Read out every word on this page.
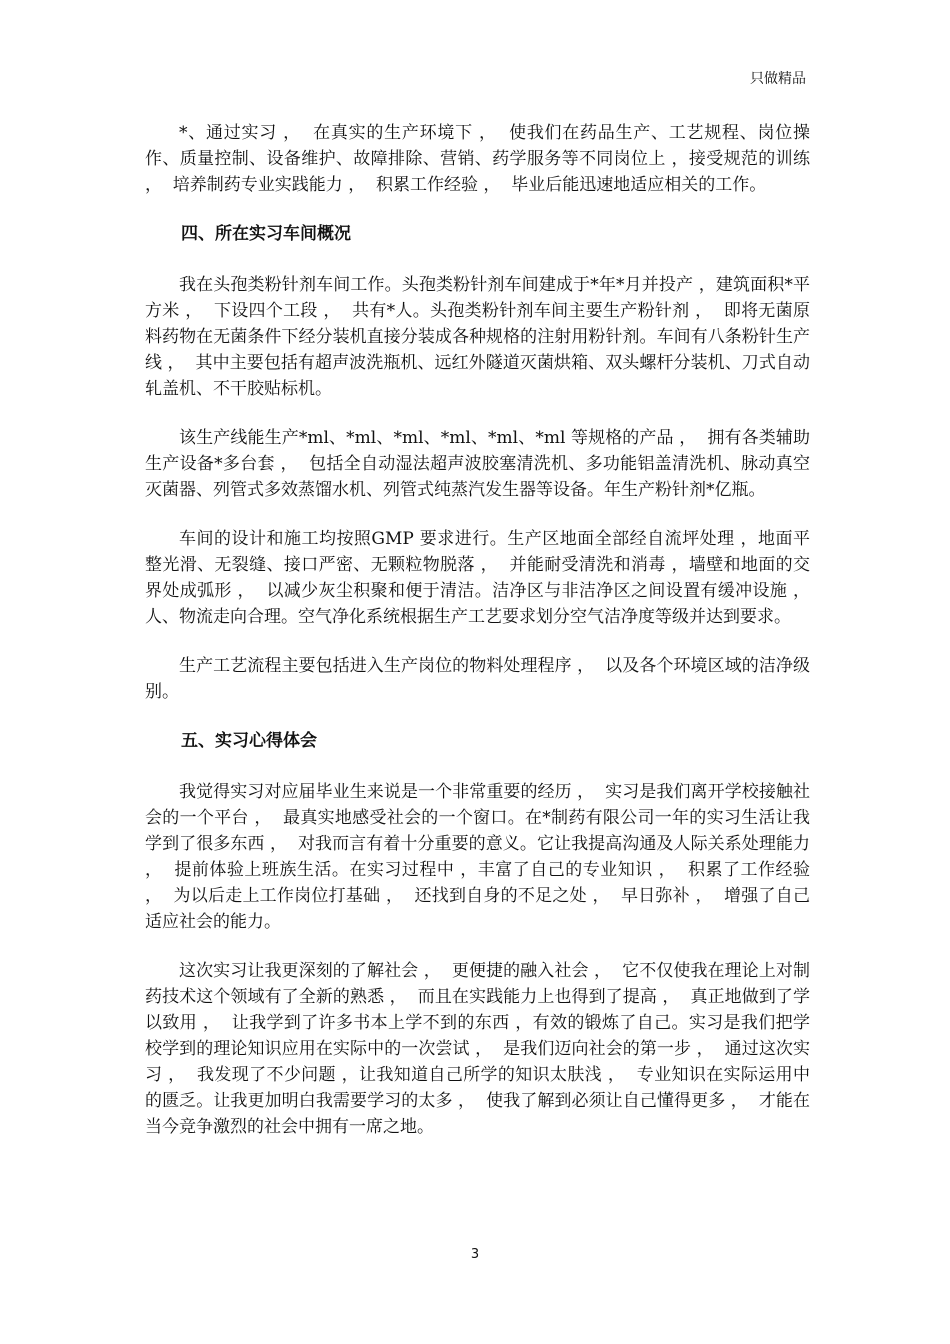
只做精品

*、通过实习 ，  在真实的生产环境下 ，  使我们在药品生产、工艺规程、岗位操作、质量控制、设备维护、故障排除、营销、药学服务等不同岗位上 ，接受规范的训练 ，  培养制药专业实践能力 ，  积累工作经验 ，  毕业后能迅速地适应相关的工作。

四、所在实习车间概况

我在头孢类粉针剂车间工作。头孢类粉针剂车间建成于*年*月并投产 ，建筑面积*平方米 ，  下设四个工段 ，  共有*人。头孢类粉针剂车间主要生产粉针剂 ，  即将无菌原料药物在无菌条件下经分装机直接分装成各种规格的注射用粉针剂。车间有八条粉针生产线 ，  其中主要包括有超声波洗瓶机、远红外隧道灭菌烘箱、双头螺杆分装机、刀式自动轧盖机、不干胶贴标机。

该生产线能生产*ml、*ml、*ml、*ml、*ml、*ml 等规格的产品 ，  拥有各类辅助生产设备*多台套 ，  包括全自动湿法超声波胶塞清洗机、多功能铝盖清洗机、脉动真空灭菌器、列管式多效蒸馏水机、列管式纯蒸汽发生器等设备。年生产粉针剂*亿瓶。

车间的设计和施工均按照GMP 要求进行。生产区地面全部经自流坪处理 ，地面平整光滑、无裂缝、接口严密、无颗粒物脱落 ，  并能耐受清洗和消毒 ，墙壁和地面的交界处成弧形 ，  以减少灰尘积聚和便于清洁。洁净区与非洁净区之间设置有缓冲设施 ，  人、物流走向合理。空气净化系统根据生产工艺要求划分空气洁净度等级并达到要求。

生产工艺流程主要包括进入生产岗位的物料处理程序 ，  以及各个环境区域的洁净级别。

五、实习心得体会

我觉得实习对应届毕业生来说是一个非常重要的经历 ，  实习是我们离开学校接触社会的一个平台 ，  最真实地感受社会的一个窗口。在*制药有限公司一年的实习生活让我学到了很多东西 ，  对我而言有着十分重要的意义。它让我提高沟通及人际关系处理能力 ，  提前体验上班族生活。在实习过程中 ，丰富了自己的专业知识 ，  积累了工作经验 ，  为以后走上工作岗位打基础 ，  还找到自身的不足之处 ，  早日弥补 ，  增强了自己适应社会的能力。

这次实习让我更深刻的了解社会 ，  更便捷的融入社会 ，  它不仅使我在理论上对制药技术这个领域有了全新的熟悉 ，  而且在实践能力上也得到了提高 ，  真正地做到了学以致用 ，  让我学到了许多书本上学不到的东西 ，有效的锻炼了自己。实习是我们把学校学到的理论知识应用在实际中的一次尝试 ，  是我们迈向社会的第一步 ，  通过这次实习 ，  我发现了不少问题 ，让我知道自己所学的知识太肤浅 ，  专业知识在实际运用中的匮乏。让我更加明白我需要学习的太多 ，  使我了解到必须让自己懂得更多 ，  才能在当今竞争激烈的社会中拥有一席之地。

3
